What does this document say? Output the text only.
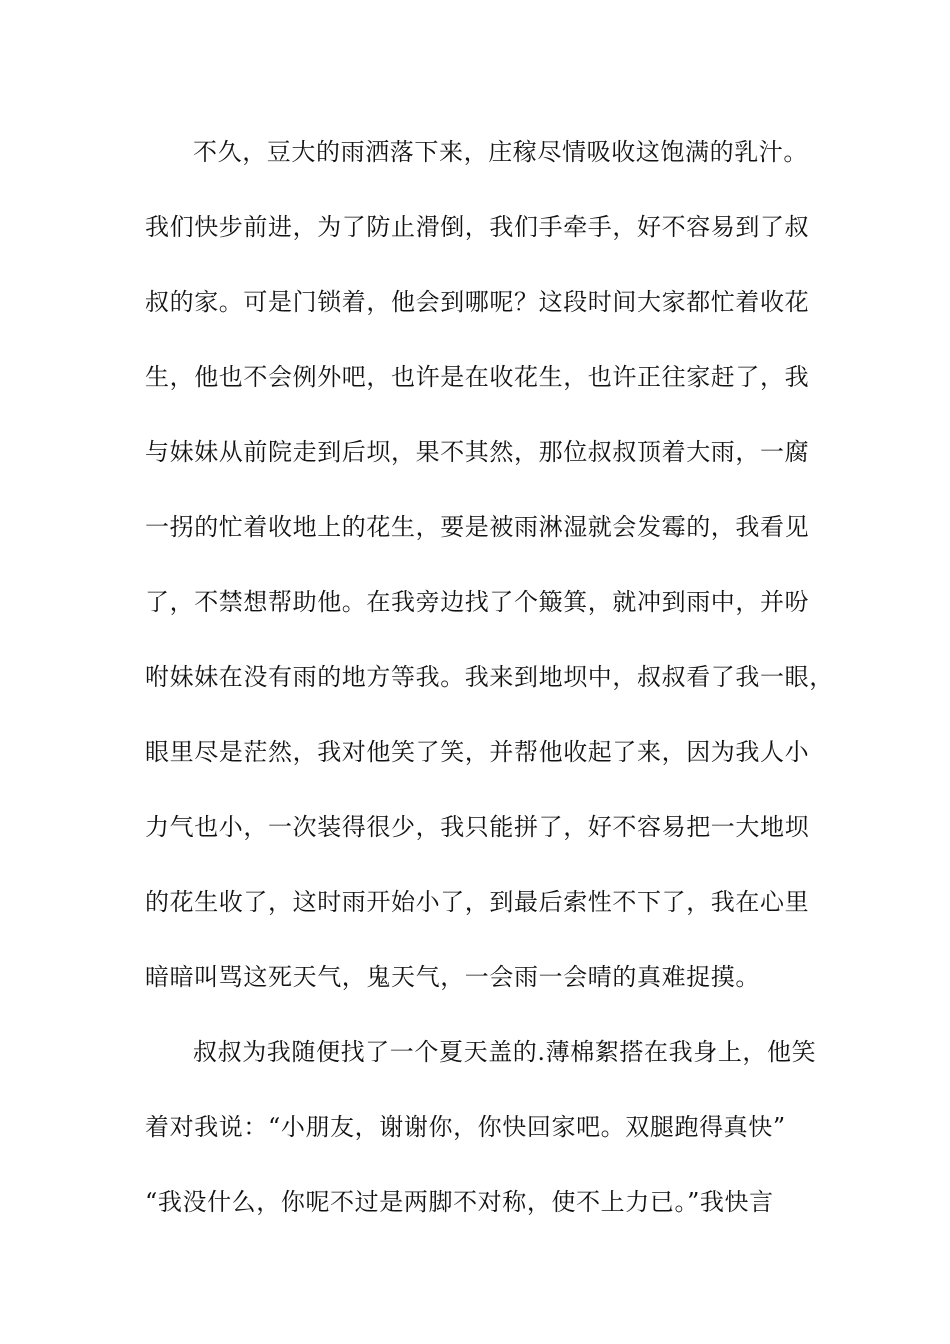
不久，豆大的雨洒落下来，庄稼尽情吸收这饱满的乳汁。
我们快步前进，为了防止滑倒，我们手牵手，好不容易到了叔
叔的家。可是门锁着，他会到哪呢？这段时间大家都忙着收花
生，他也不会例外吧，也许是在收花生，也许正往家赶了，我
与妹妹从前院走到后坝，果不其然，那位叔叔顶着大雨，一腐
一拐的忙着收地上的花生，要是被雨淋湿就会发霉的，我看见
了，不禁想帮助他。在我旁边找了个簸箕，就冲到雨中，并吩
咐妹妹在没有雨的地方等我。我来到地坝中，叔叔看了我一眼，
眼里尽是茫然，我对他笑了笑，并帮他收起了来，因为我人小
力气也小，一次装得很少，我只能拼了，好不容易把一大地坝
的花生收了，这时雨开始小了，到最后索性不下了，我在心里
暗暗叫骂这死天气，鬼天气，一会雨一会晴的真难捉摸。
叔叔为我随便找了一个夏天盖的.薄棉絮搭在我身上，他笑
着对我说：“小朋友，谢谢你，你快回家吧。双腿跑得真快”
“我没什么，你呢不过是两脚不对称，使不上力已。”我快言
